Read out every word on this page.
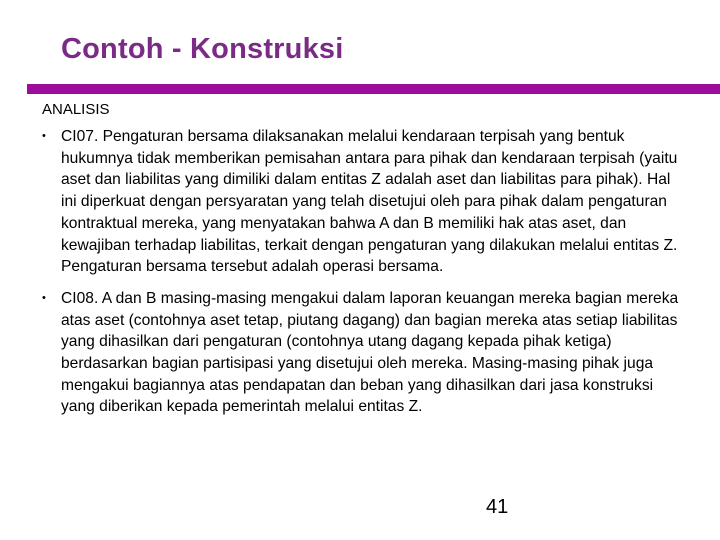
Contoh - Konstruksi

ANALISIS

• CI07. Pengaturan bersama dilaksanakan melalui kendaraan terpisah yang bentuk hukumnya tidak memberikan pemisahan antara para pihak dan kendaraan terpisah (yaitu aset dan liabilitas yang dimiliki dalam entitas Z adalah aset dan liabilitas para pihak). Hal ini diperkuat dengan persyaratan yang telah disetujui oleh para pihak dalam pengaturan kontraktual mereka, yang menyatakan bahwa A dan B memiliki hak atas aset, dan kewajiban terhadap liabilitas, terkait dengan pengaturan yang dilakukan melalui entitas Z. Pengaturan bersama tersebut adalah operasi bersama.
• CI08. A dan B masing-masing mengakui dalam laporan keuangan mereka bagian mereka atas aset (contohnya aset tetap, piutang dagang) dan bagian mereka atas setiap liabilitas yang dihasilkan dari pengaturan (contohnya utang dagang kepada pihak ketiga) berdasarkan bagian partisipasi yang disetujui oleh mereka. Masing-masing pihak juga mengakui bagiannya atas pendapatan dan beban yang dihasilkan dari jasa konstruksi yang diberikan kepada pemerintah melalui entitas Z.

41
